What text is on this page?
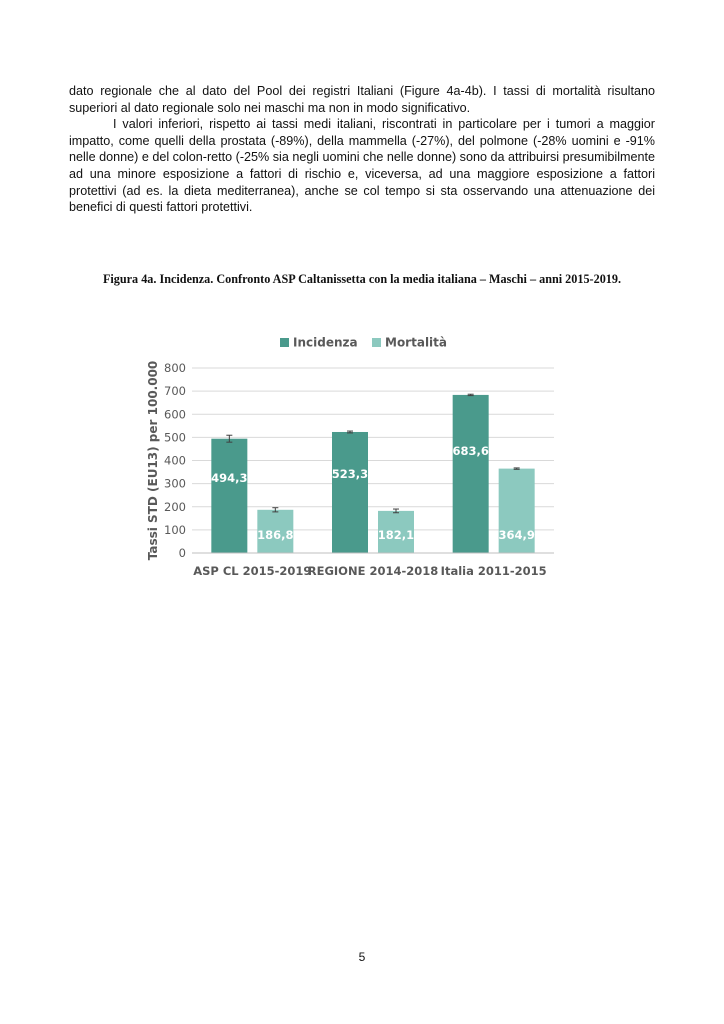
dato regionale che al dato del Pool dei registri Italiani (Figure 4a-4b). I tassi di mortalità risultano superiori al dato regionale solo nei maschi ma non in modo significativo.

I valori inferiori, rispetto ai tassi medi italiani, riscontrati in particolare per i tumori a maggior impatto, come quelli della prostata (-89%), della mammella (-27%), del polmone (-28% uomini e -91% nelle donne) e del colon-retto (-25% sia negli uomini che nelle donne) sono da attribuirsi presumibilmente ad una minore esposizione a fattori di rischio e, viceversa, ad una maggiore esposizione a fattori protettivi (ad es. la dieta mediterranea), anche se col tempo si sta osservando una attenuazione dei benefici di questi fattori protettivi.

Figura 4a. Incidenza. Confronto ASP Caltanissetta con la media italiana – Maschi – anni 2015-2019.
0
100
200
300
400
500
600
700
800
Tassi STD (EU13) per 100.000	494,3
186,8
ASP CL 2015-2019
523,3
182,1
REGIONE 2014-2018
683,6
364,9
Italia 2011-2015
Incidenza Mortalità
5
